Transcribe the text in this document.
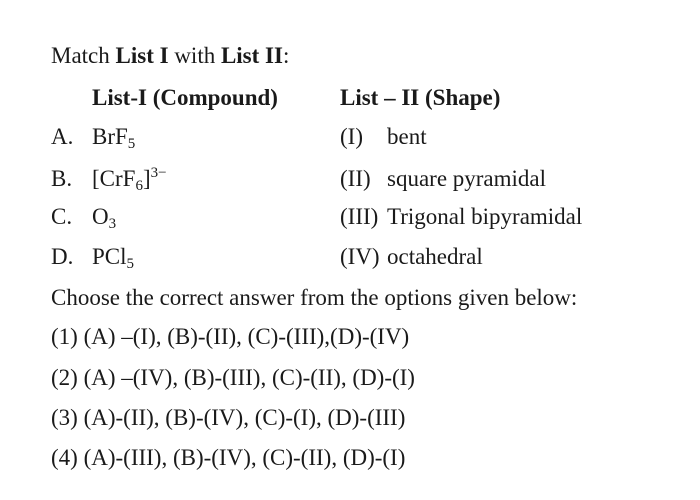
Match List I with List II:
List-I (Compound)	List – II (Shape)
A. BrF$_5$	(I) bent
B. $[CrF_6]^{3-}$	(II) square pyramidal
C. $O_3$	(III) Trigonal bipyramidal
D. PCl$_5$	(IV) octahedral
Choose the correct answer from the options given below:
(1) (A) –(I), (B)-(II), (C)-(III),(D)-(IV)
(2) (A) –(IV), (B)-(III), (C)-(II), (D)-(I)
(3) (A)-(II), (B)-(IV), (C)-(I), (D)-(III)
(4) (A)-(III), (B)-(IV), (C)-(II), (D)-(I)
